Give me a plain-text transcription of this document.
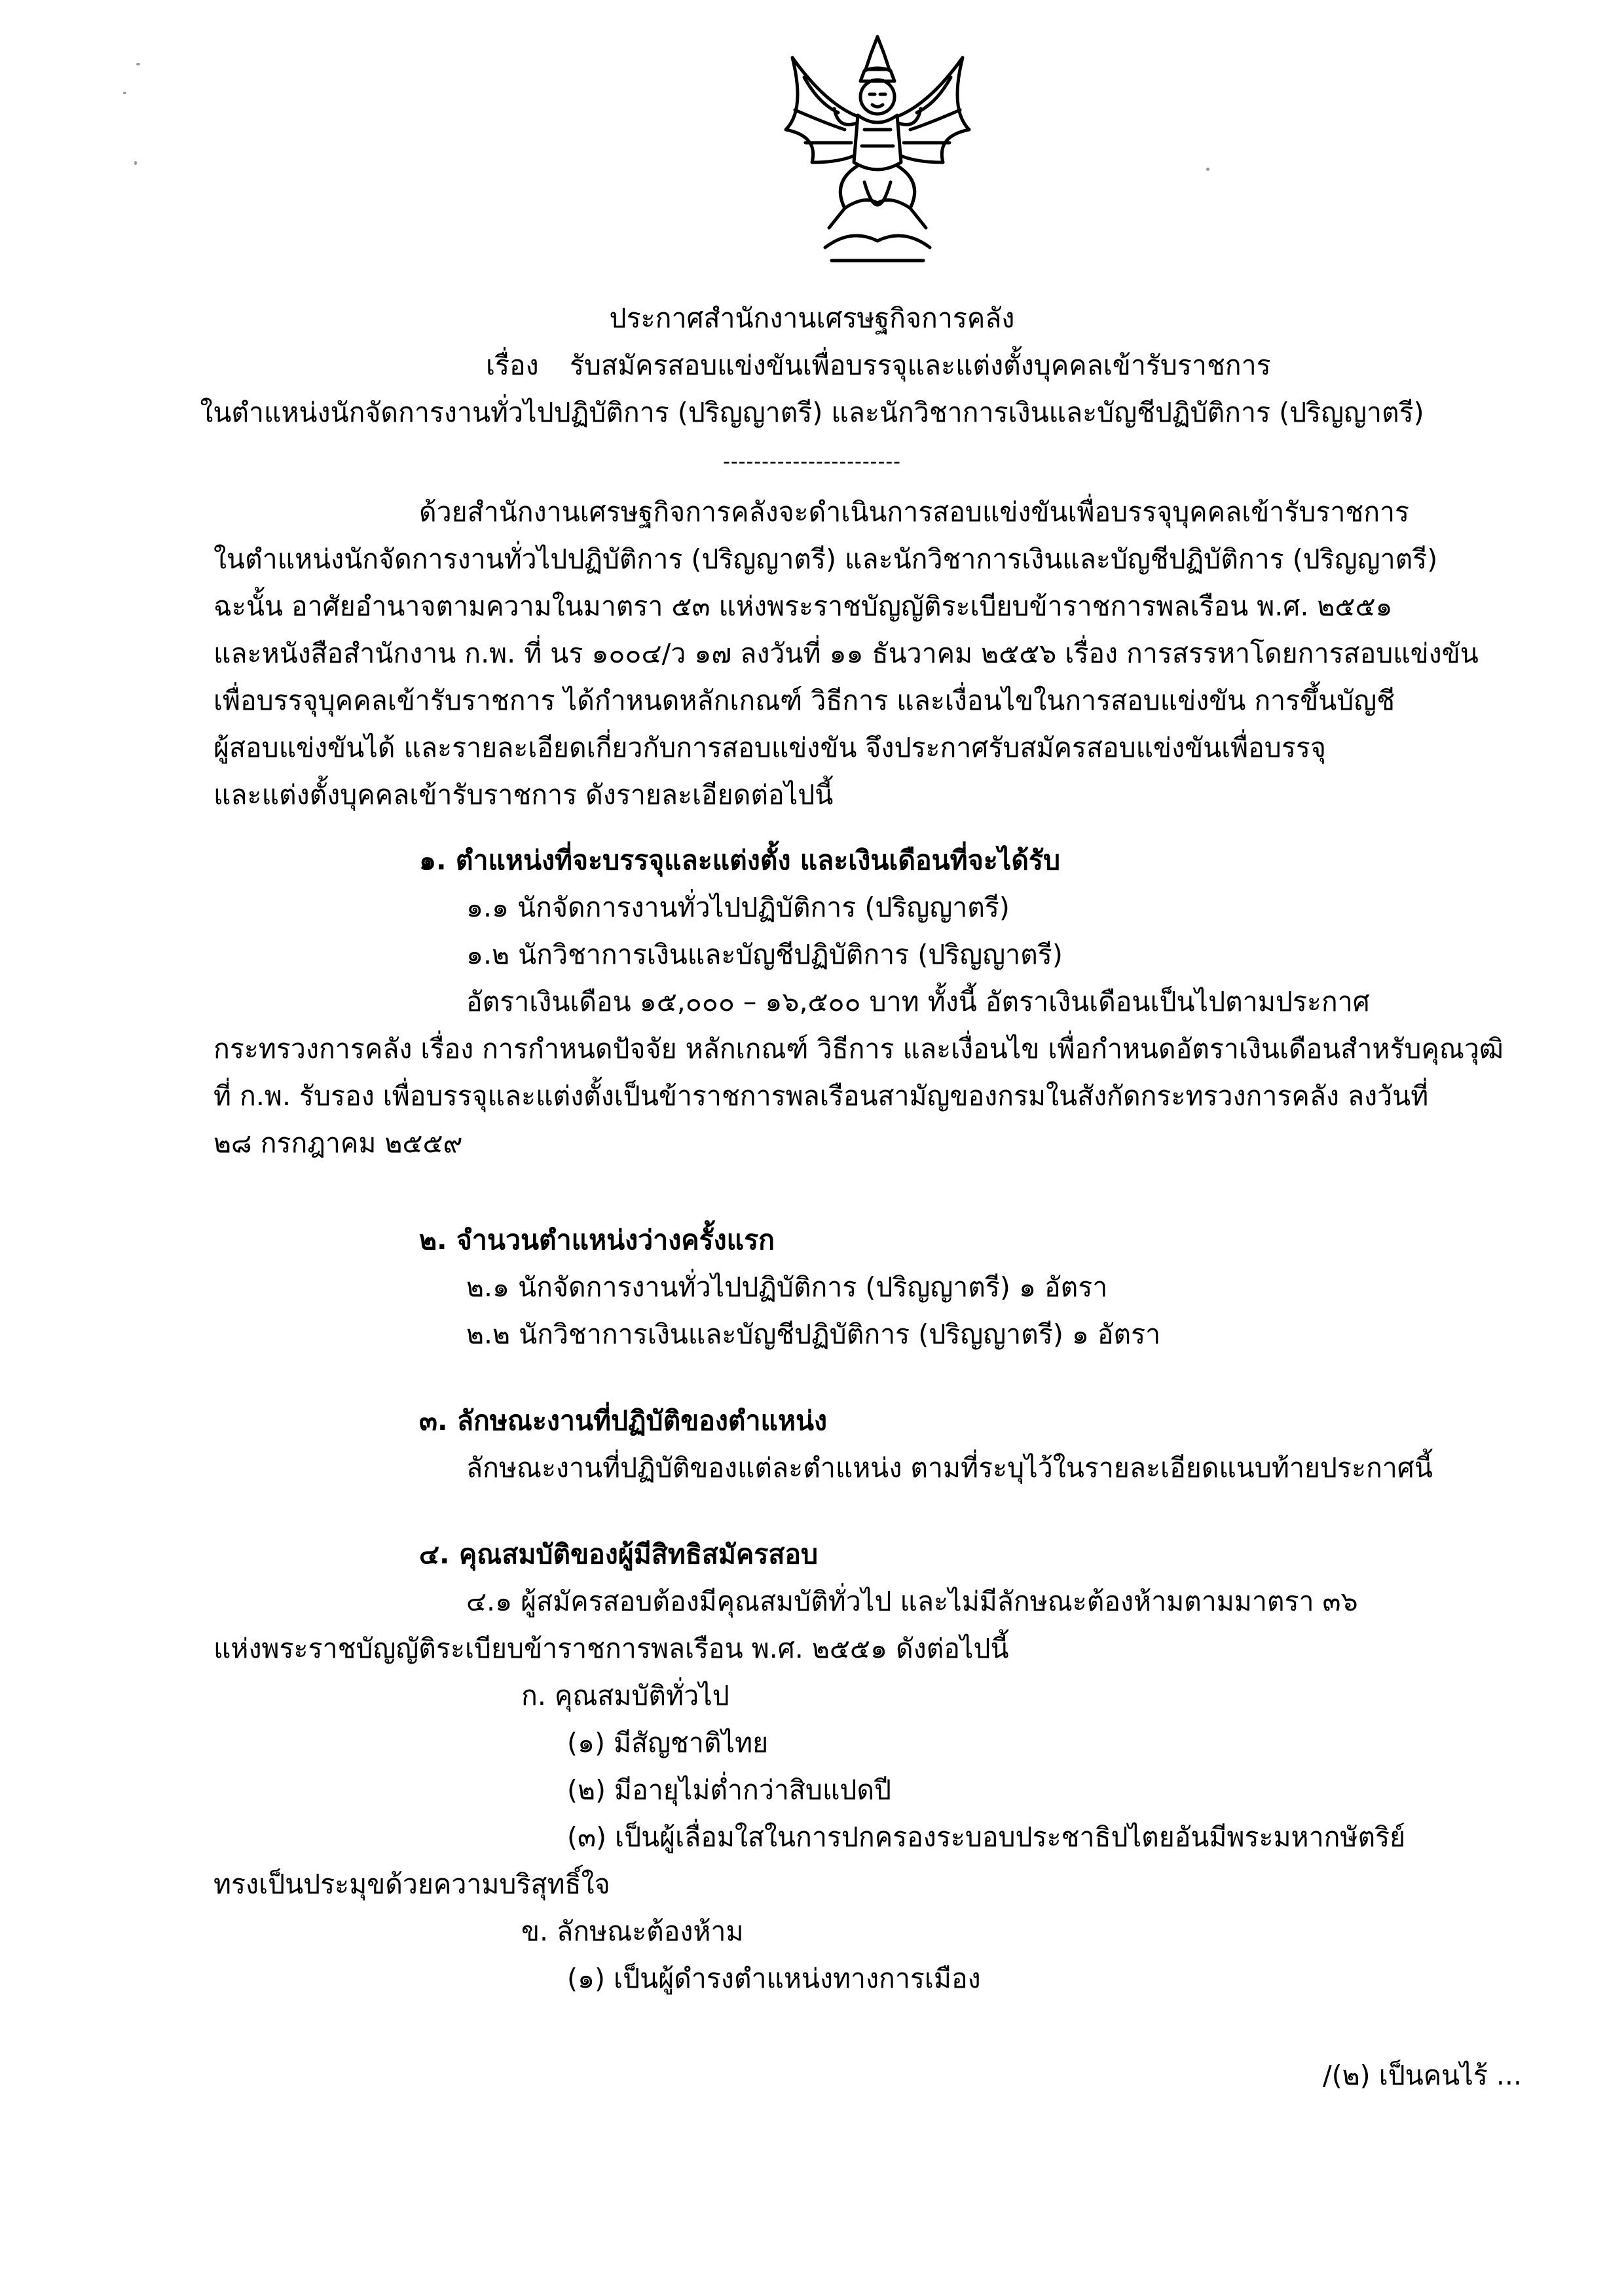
ประกาศสำนักงานเศรษฐกิจการคลัง
เรื่อง รับสมัครสอบแข่งขันเพื่อบรรจุและแต่งตั้งบุคคลเข้ารับราชการ
ในตำแหน่งนักจัดการงานทั่วไปปฏิบัติการ (ปริญญาตรี) และนักวิชาการเงินและบัญชีปฏิบัติการ (ปริญญาตรี)
-----------------------
ด้วยสำนักงานเศรษฐกิจการคลังจะดำเนินการสอบแข่งขันเพื่อบรรจุบุคคลเข้ารับราชการ
ในตำแหน่งนักจัดการงานทั่วไปปฏิบัติการ (ปริญญาตรี) และนักวิชาการเงินและบัญชีปฏิบัติการ (ปริญญาตรี)
ฉะนั้น อาศัยอำนาจตามความในมาตรา ๕๓ แห่งพระราชบัญญัติระเบียบข้าราชการพลเรือน พ.ศ. ๒๕๕๑
และหนังสือสำนักงาน ก.พ. ที่ นร ๑๐๐๔/ว ๑๗ ลงวันที่ ๑๑ ธันวาคม ๒๕๕๖ เรื่อง การสรรหาโดยการสอบแข่งขัน
เพื่อบรรจุบุคคลเข้ารับราชการ ได้กำหนดหลักเกณฑ์ วิธีการ และเงื่อนไขในการสอบแข่งขัน การขึ้นบัญชี
ผู้สอบแข่งขันได้ และรายละเอียดเกี่ยวกับการสอบแข่งขัน จึงประกาศรับสมัครสอบแข่งขันเพื่อบรรจุ
และแต่งตั้งบุคคลเข้ารับราชการ ดังรายละเอียดต่อไปนี้
๑. ตำแหน่งที่จะบรรจุและแต่งตั้ง และเงินเดือนที่จะได้รับ
๑.๑ นักจัดการงานทั่วไปปฏิบัติการ (ปริญญาตรี)
๑.๒ นักวิชาการเงินและบัญชีปฏิบัติการ (ปริญญาตรี)
อัตราเงินเดือน ๑๕,๐๐๐ – ๑๖,๕๐๐ บาท ทั้งนี้ อัตราเงินเดือนเป็นไปตามประกาศ
กระทรวงการคลัง เรื่อง การกำหนดปัจจัย หลักเกณฑ์ วิธีการ และเงื่อนไข เพื่อกำหนดอัตราเงินเดือนสำหรับคุณวุฒิ
ที่ ก.พ. รับรอง เพื่อบรรจุและแต่งตั้งเป็นข้าราชการพลเรือนสามัญของกรมในสังกัดกระทรวงการคลัง ลงวันที่
๒๘ กรกฎาคม ๒๕๕๙
๒. จำนวนตำแหน่งว่างครั้งแรก
๒.๑ นักจัดการงานทั่วไปปฏิบัติการ (ปริญญาตรี) ๑ อัตรา
๒.๒ นักวิชาการเงินและบัญชีปฏิบัติการ (ปริญญาตรี) ๑ อัตรา
๓. ลักษณะงานที่ปฏิบัติของตำแหน่ง
ลักษณะงานที่ปฏิบัติของแต่ละตำแหน่ง ตามที่ระบุไว้ในรายละเอียดแนบท้ายประกาศนี้
๔. คุณสมบัติของผู้มีสิทธิสมัครสอบ
๔.๑ ผู้สมัครสอบต้องมีคุณสมบัติทั่วไป และไม่มีลักษณะต้องห้ามตามมาตรา ๓๖
แห่งพระราชบัญญัติระเบียบข้าราชการพลเรือน พ.ศ. ๒๕๕๑ ดังต่อไปนี้
ก. คุณสมบัติทั่วไป
(๑) มีสัญชาติไทย
(๒) มีอายุไม่ต่ำกว่าสิบแปดปี
(๓) เป็นผู้เลื่อมใสในการปกครองระบอบประชาธิปไตยอันมีพระมหากษัตริย์
ทรงเป็นประมุขด้วยความบริสุทธิ์ใจ
ข. ลักษณะต้องห้าม
(๑) เป็นผู้ดำรงตำแหน่งทางการเมือง
/(๒) เป็นคนไร้ ...
